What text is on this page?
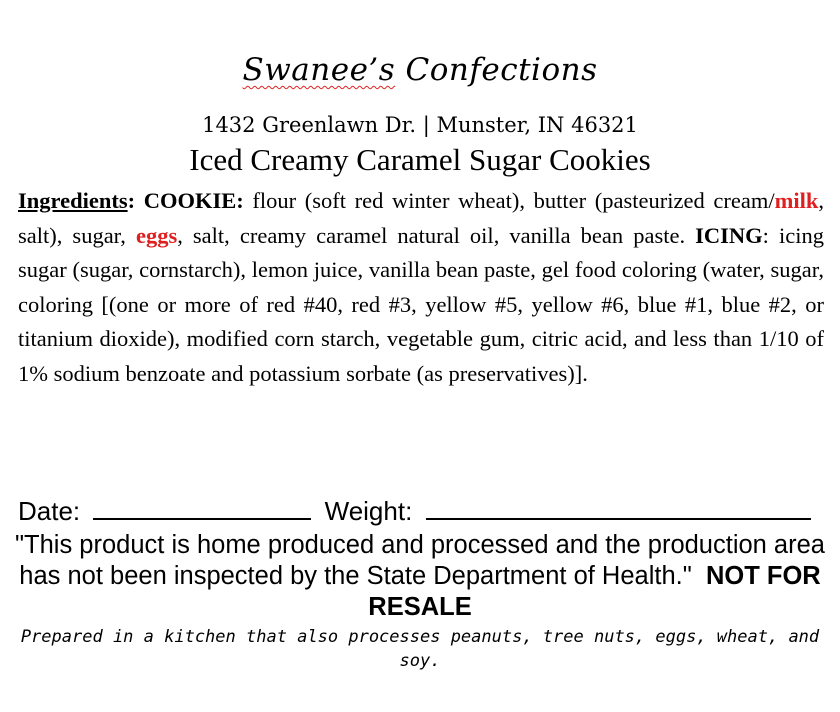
Swanee’s Confections
1432 Greenlawn Dr. | Munster, IN 46321
Iced Creamy Caramel Sugar Cookies

Ingredients: COOKIE: flour (soft red winter wheat), butter (pasteurized cream/milk, salt), sugar, eggs, salt, creamy caramel natural oil, vanilla bean paste. ICING: icing sugar (sugar, cornstarch), lemon juice, vanilla bean paste, gel food coloring (water, sugar, coloring [(one or more of red #40, red #3, yellow #5, yellow #6, blue #1, blue #2, or titanium dioxide), modified corn starch, vegetable gum, citric acid, and less than 1/10 of 1% sodium benzoate and potassium sorbate (as preservatives)].

Date:	Weight:
"This product is home produced and processed and the production area has not been inspected by the State Department of Health." NOT FOR RESALE
Prepared in a kitchen that also processes peanuts, tree nuts, eggs, wheat, and soy.
